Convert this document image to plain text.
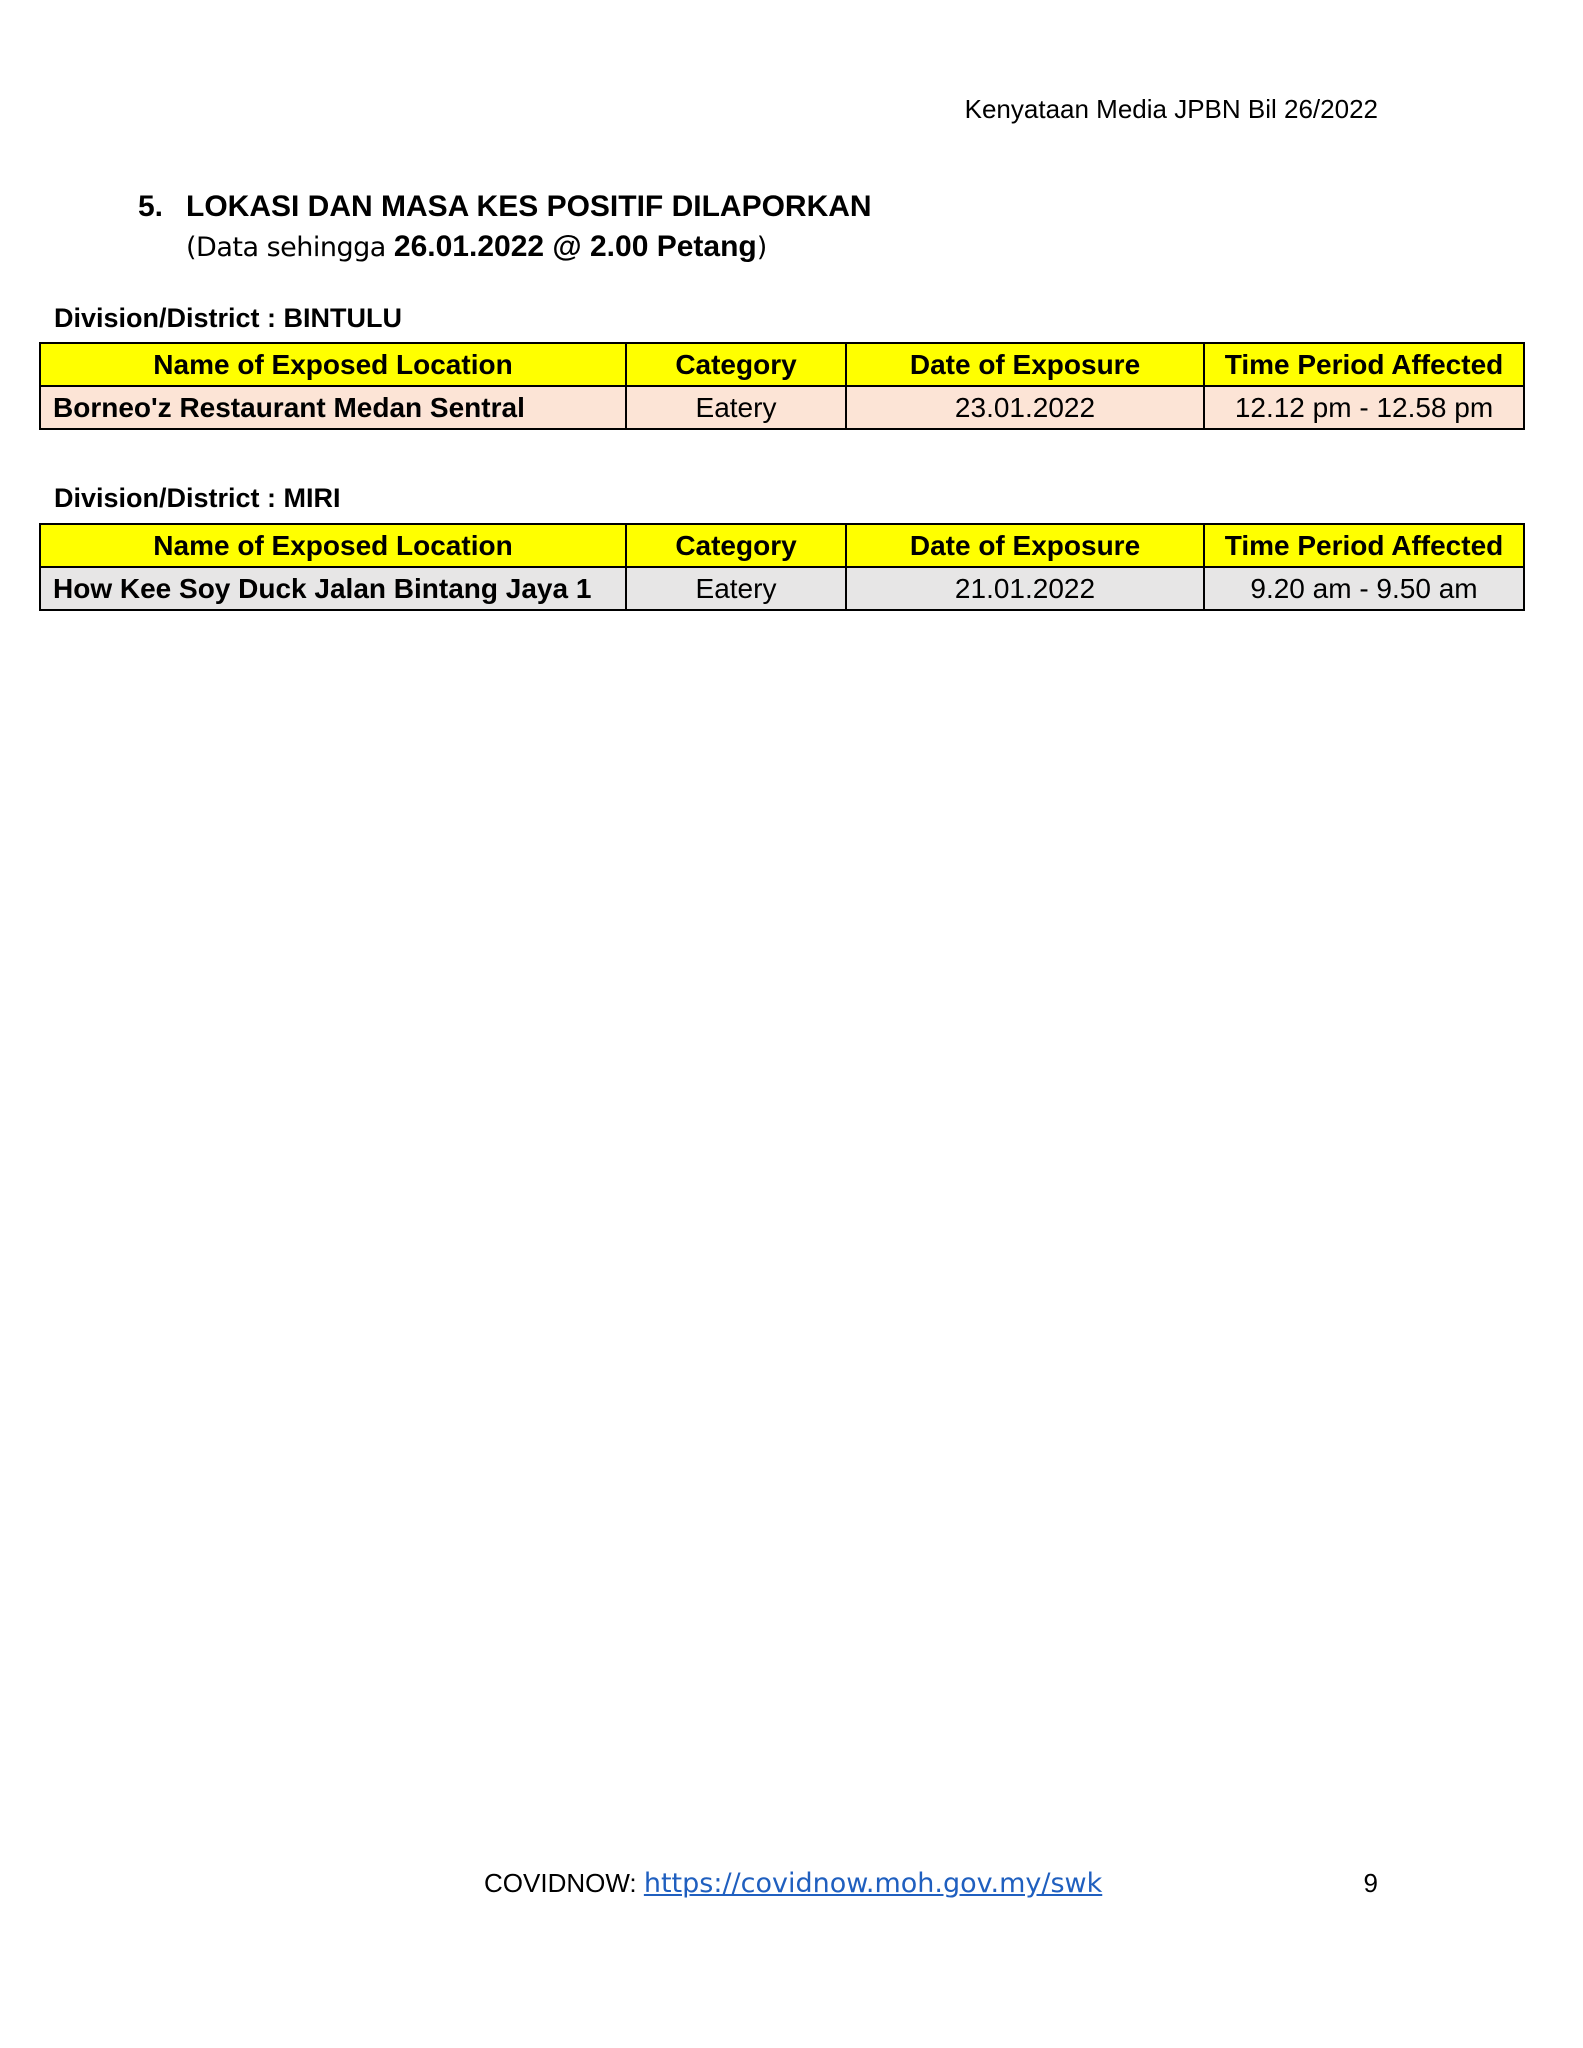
Kenyataan Media JPBN Bil 26/2022
5. LOKASI DAN MASA KES POSITIF DILAPORKAN
(Data sehingga 26.01.2022 @ 2.00 Petang)
Division/District : BINTULU
Name of Exposed Location	Category	Date of Exposure	Time Period Affected
Borneo'z Restaurant Medan Sentral	Eatery	23.01.2022	12.12 pm - 12.58 pm
Division/District : MIRI
Name of Exposed Location	Category	Date of Exposure	Time Period Affected
How Kee Soy Duck Jalan Bintang Jaya 1	Eatery	21.01.2022	9.20 am - 9.50 am
COVIDNOW: https://covidnow.moh.gov.my/swk	9
